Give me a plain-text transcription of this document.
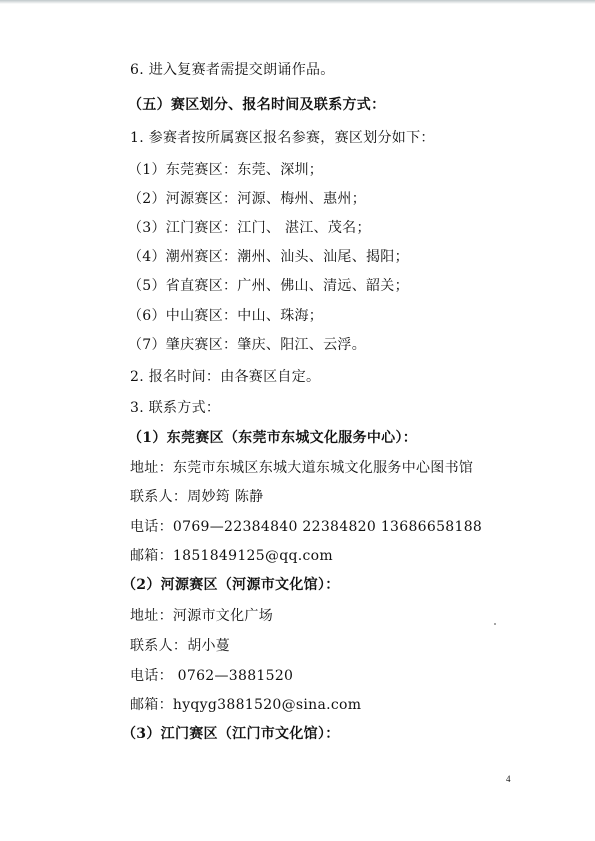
6. 进入复赛者需提交朗诵作品。
（五）赛区划分、报名时间及联系方式：
1. 参赛者按所属赛区报名参赛，赛区划分如下：
（1）东莞赛区：东莞、深圳；
（2）河源赛区：河源、梅州、惠州；
（3）江门赛区：江门、 湛江、茂名；
（4）潮州赛区：潮州、汕头、汕尾、揭阳；
（5）省直赛区：广州、佛山、清远、韶关；
（6）中山赛区：中山、珠海；
（7）肇庆赛区：肇庆、阳江、云浮。
2. 报名时间：由各赛区自定。
3. 联系方式：
（1）东莞赛区（东莞市东城文化服务中心）：
地址：东莞市东城区东城大道东城文化服务中心图书馆
联系人：周妙筠 陈静
电话：0769—22384840 22384820 13686658188
邮箱：1851849125@qq.com
（2）河源赛区（河源市文化馆）：
地址：河源市文化广场
联系人：胡小蔓
电话： 0762—3881520
邮箱：hyqyg3881520@sina.com
（3）江门赛区（江门市文化馆）：
4
